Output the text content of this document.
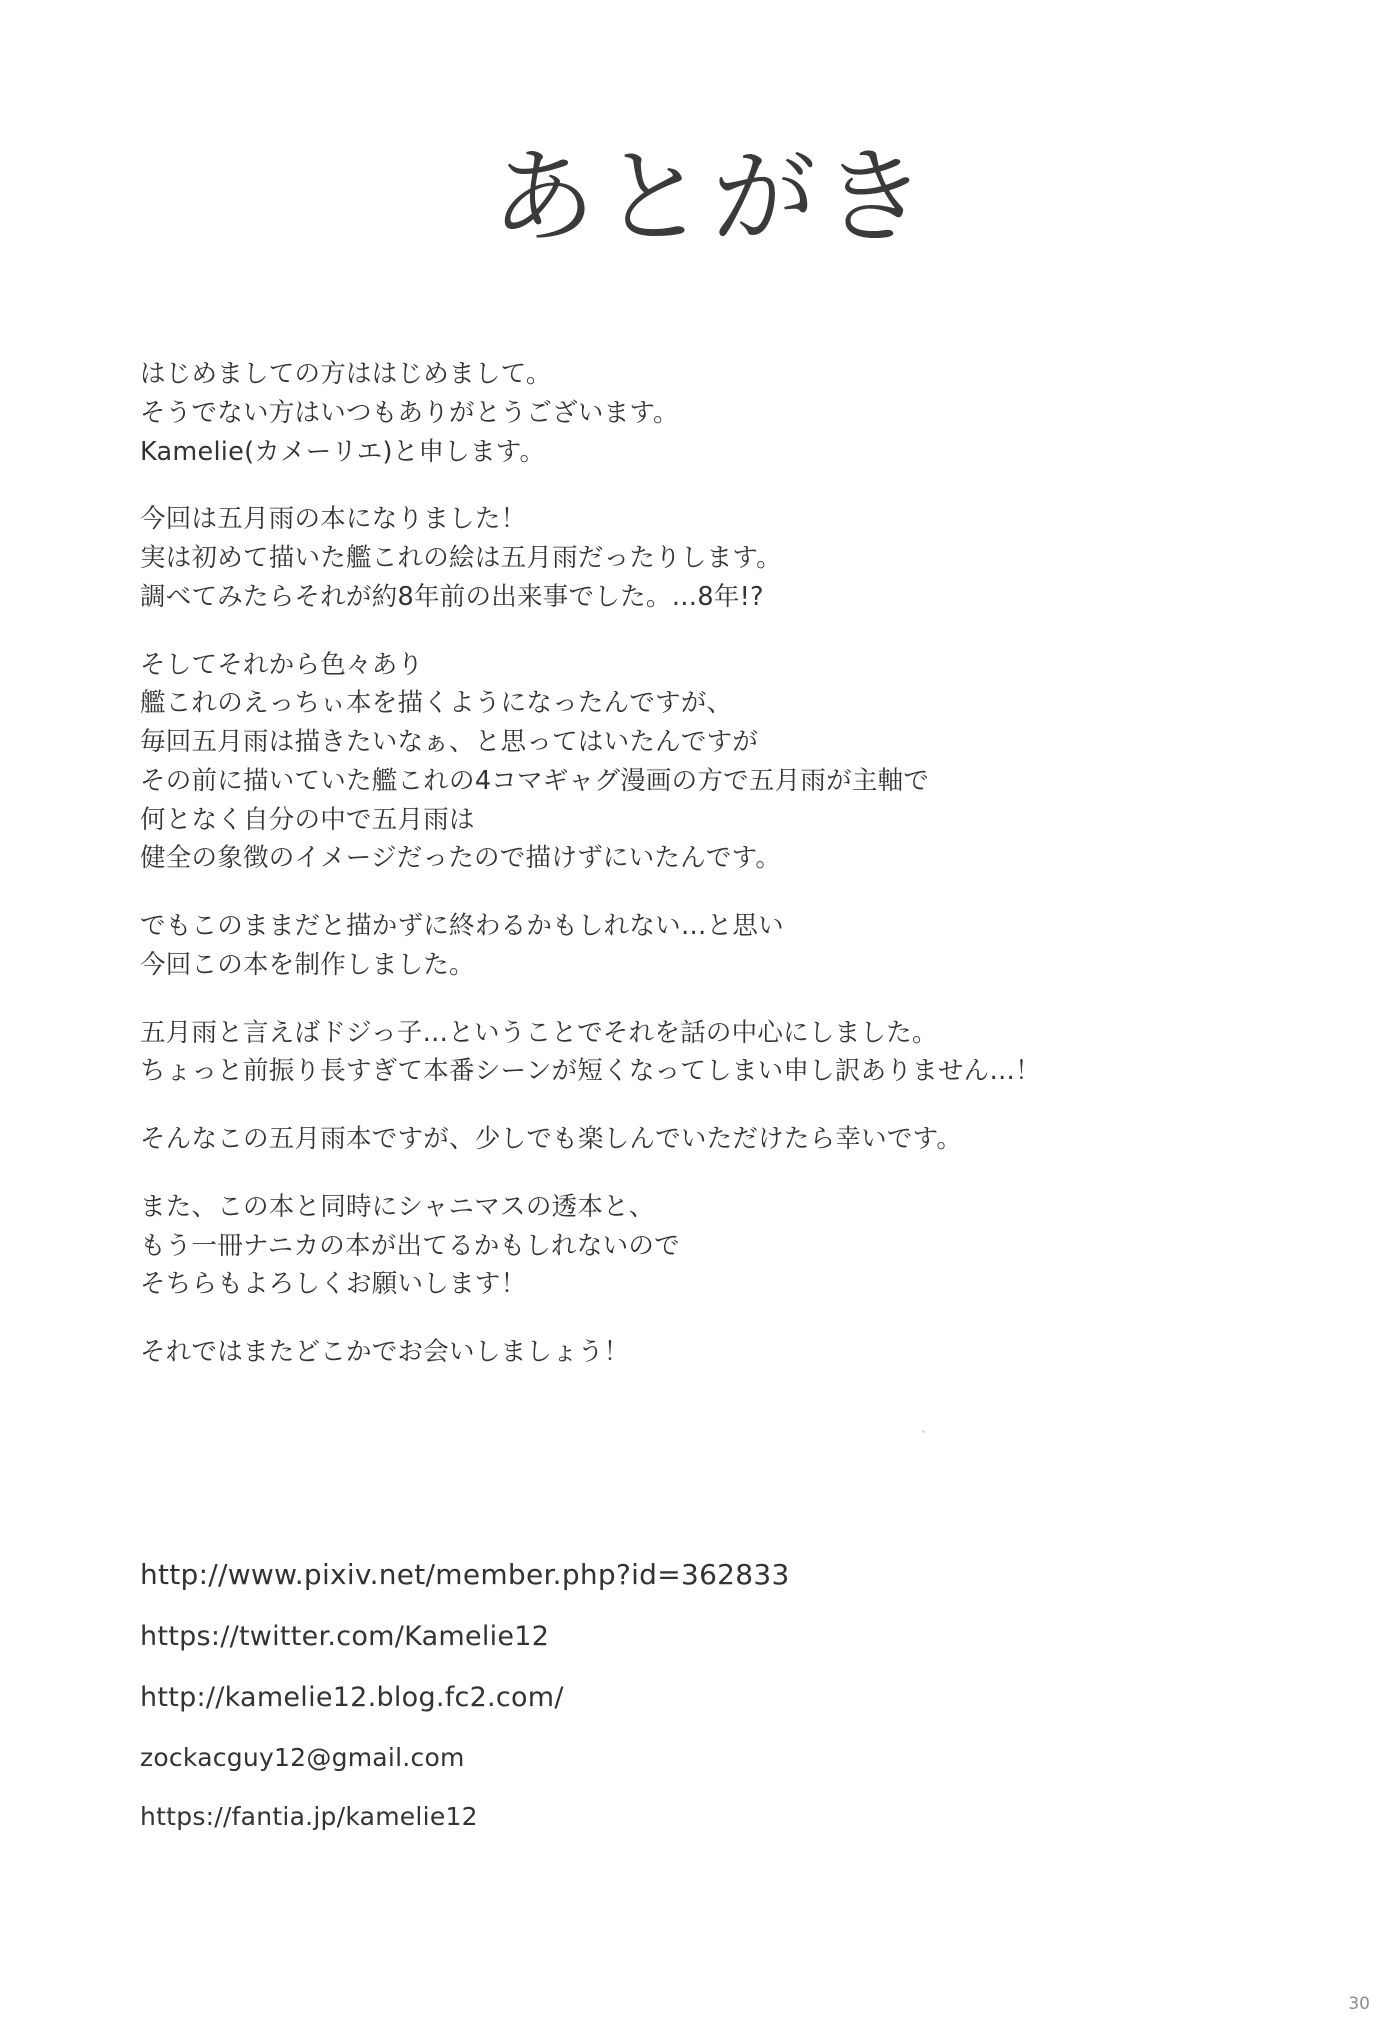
あとがき

はじめましての方ははじめまして。
そうでない方はいつもありがとうございます。
Kamelie(カメーリエ)と申します。

今回は五月雨の本になりました！
実は初めて描いた艦これの絵は五月雨だったりします。
調べてみたらそれが約8年前の出来事でした。…8年!?

そしてそれから色々あり
艦これのえっちぃ本を描くようになったんですが、
毎回五月雨は描きたいなぁ、と思ってはいたんですが
その前に描いていた艦これの4コマギャグ漫画の方で五月雨が主軸で
何となく自分の中で五月雨は
健全の象徴のイメージだったので描けずにいたんです。

でもこのままだと描かずに終わるかもしれない…と思い
今回この本を制作しました。

五月雨と言えばドジっ子…ということでそれを話の中心にしました。
ちょっと前振り長すぎて本番シーンが短くなってしまい申し訳ありません…！

そんなこの五月雨本ですが、少しでも楽しんでいただけたら幸いです。

また、この本と同時にシャニマスの透本と、
もう一冊ナニカの本が出てるかもしれないので
そちらもよろしくお願いします！

それではまたどこかでお会いしましょう！

http://www.pixiv.net/member.php?id=362833
https://twitter.com/Kamelie12
http://kamelie12.blog.fc2.com/
zockacguy12@gmail.com
https://fantia.jp/kamelie12
30
